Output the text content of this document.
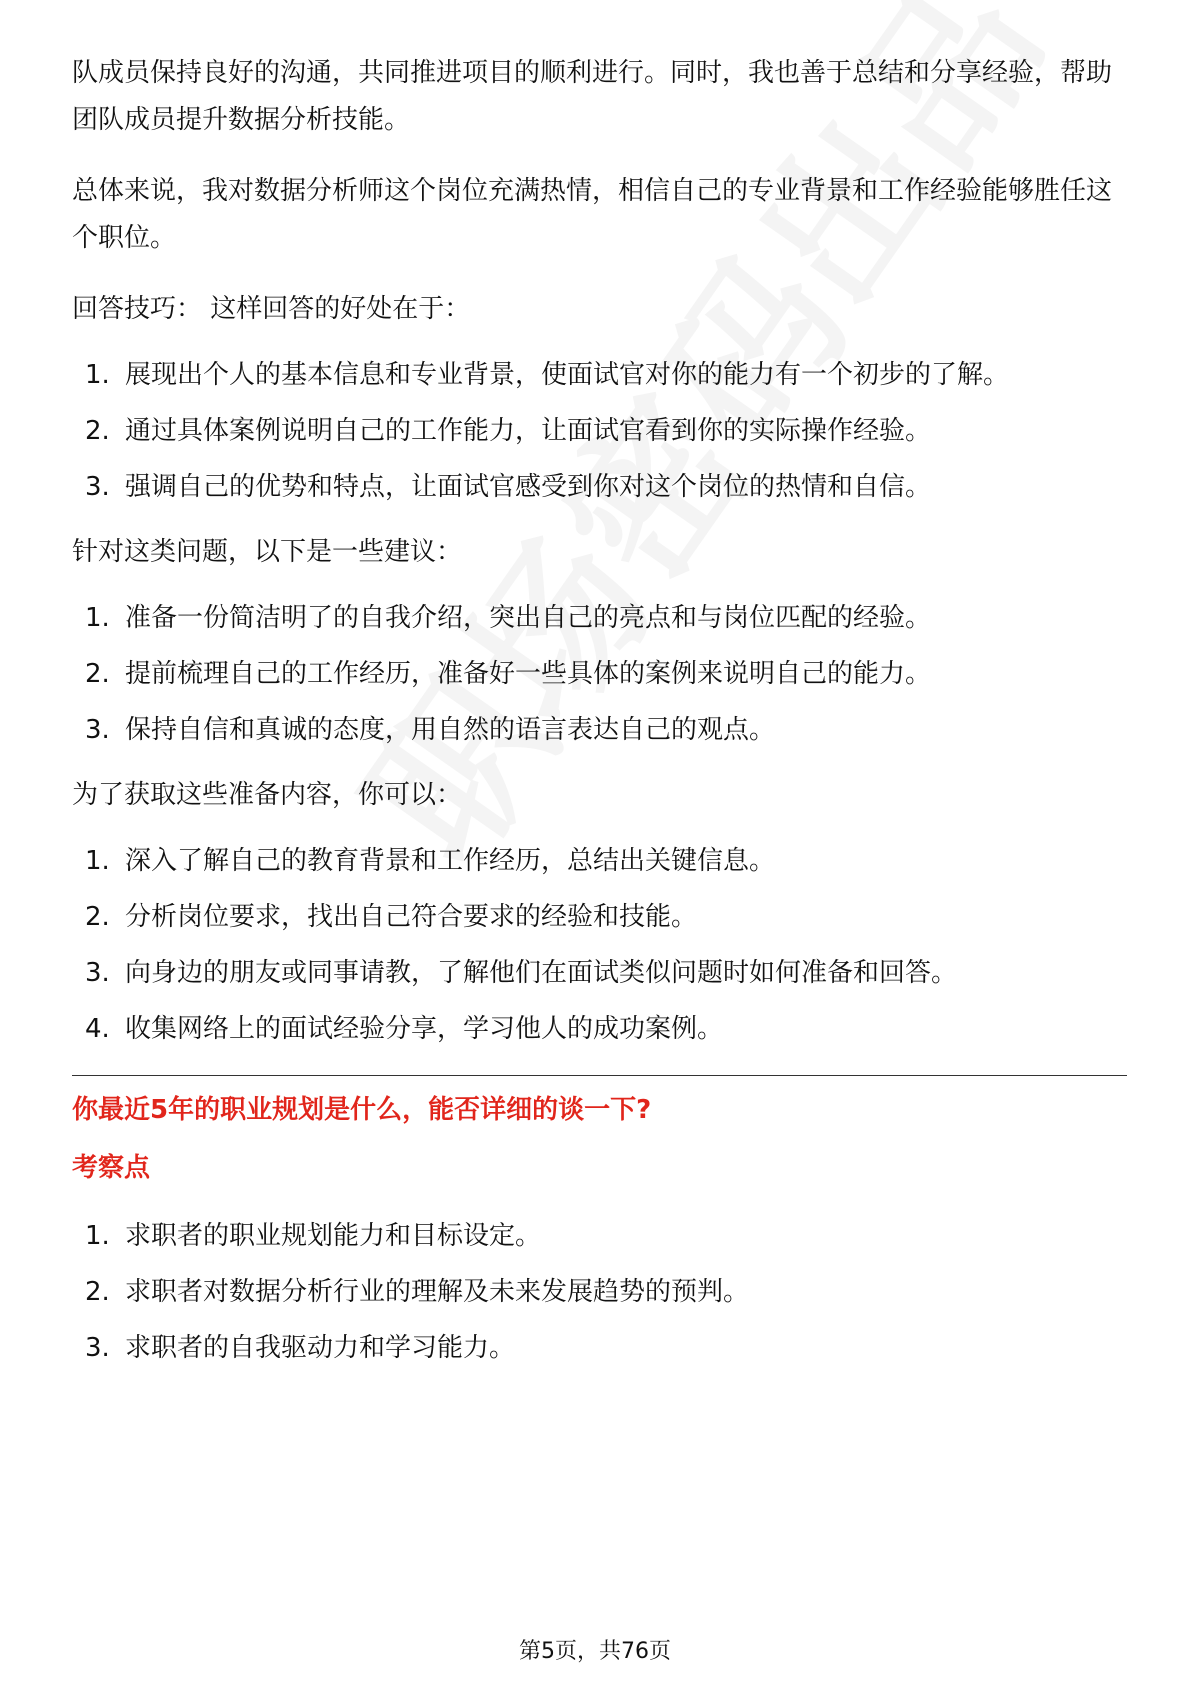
队成员保持良好的沟通，共同推进项目的顺利进行。同时，我也善于总结和分享经验，帮助团队成员提升数据分析技能。

总体来说，我对数据分析师这个岗位充满热情，相信自己的专业背景和工作经验能够胜任这个职位。

回答技巧： 这样回答的好处在于：

1. 展现出个人的基本信息和专业背景，使面试官对你的能力有一个初步的了解。
2. 通过具体案例说明自己的工作能力，让面试官看到你的实际操作经验。
3. 强调自己的优势和特点，让面试官感受到你对这个岗位的热情和自信。

针对这类问题，以下是一些建议：

1. 准备一份简洁明了的自我介绍，突出自己的亮点和与岗位匹配的经验。
2. 提前梳理自己的工作经历，准备好一些具体的案例来说明自己的能力。
3. 保持自信和真诚的态度，用自然的语言表达自己的观点。

为了获取这些准备内容，你可以：

1. 深入了解自己的教育背景和工作经历，总结出关键信息。
2. 分析岗位要求，找出自己符合要求的经验和技能。
3. 向身边的朋友或同事请教，了解他们在面试类似问题时如何准备和回答。
4. 收集网络上的面试经验分享，学习他人的成功案例。
你最近5年的职业规划是什么，能否详细的谈一下?
考察点
1. 求职者的职业规划能力和目标设定。
2. 求职者对数据分析行业的理解及未来发展趋势的预判。
3. 求职者的自我驱动力和学习能力。
第5页，共76页
